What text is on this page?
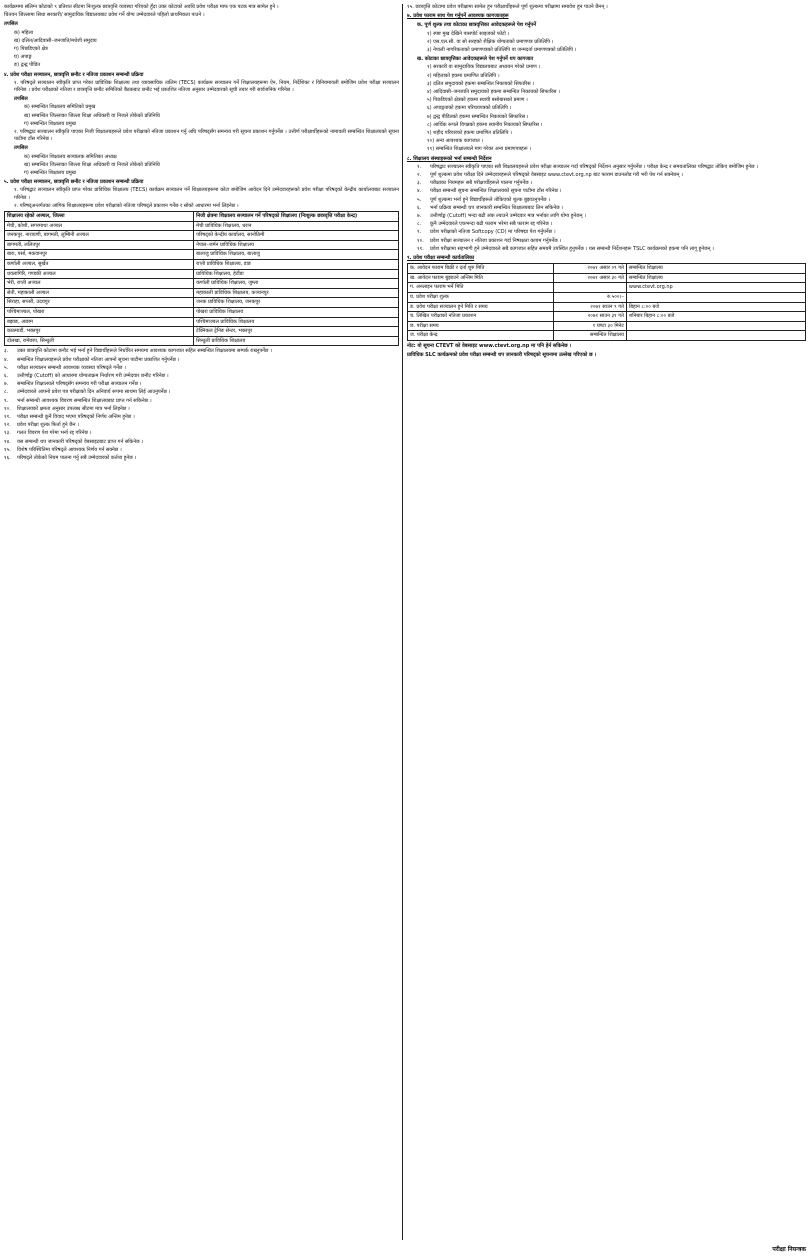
कार्यक्रममा संलिग्न कोटाको ९ प्रतिशत सीटमा निःशुल्क छात्रवृत्ति व्यवस्था गरिएको हुँदा उक्त कोटाको अवधि प्रवेश परीक्षा माफ एक पटक मात्र सामेल हुने ।

चितवन जिल्लामा सिधा सरकारी/ सामुदायिक विद्यालयबाट प्रवेश गर्ने योग्य उम्मेदवारले पहिलो प्राथमिकता पाउने ।

तपसिल

क) महिला

ख) दलित/आदिवासी–जनजाति/मधेशी समुदाय

ग) पिछडिएको क्षेत्र

घ) अपाङ्ग

ङ) द्वन्द्व पीडित

४. प्रवेश परीक्षा सञ्चालन, छात्रवृत्ति छनौट र नतिजा प्रकाशन सम्बन्धी प्रक्रिया

१. परिषद्ले सञ्चालन स्वीकृति प्राप्त गरेका प्राविधिक शिक्षालय तथा व्यावसायिक तालिम (TECS) कार्यक्रम सञ्चालन गर्ने शिक्षालयहरूमा ऐन, नियम, निर्देशिका र विनियमावली बमोजिम प्रवेश परीक्षा सञ्चालन गरिनेछ । प्रवेश परीक्षाको नतिजा र छात्रवृत्ति छनौट समितिको बैठकबाट छनौट भई प्रकाशित नतिजा अनुसार उम्मेदवारको सूची तयार गरी सार्वजनिक गरिनेछ ।

तपसिल

क) सम्बन्धित शिक्षालय समितिको प्रमुख

ख) सम्बन्धित जिल्लाका जिल्ला शिक्षा अधिकारी वा निजले तोकेको प्रतिनिधि

ग) सम्बन्धित शिक्षालय प्रमुख

२. परिषद्बाट सञ्चालन स्वीकृति पाएका निजी शिक्षालयहरूले प्रवेश परीक्षाको नतिजा प्रकाशन गर्नु अघि परिषद्सँग समन्वय गरी सूचना प्रकाशन गर्नुपर्नेछ । उत्तीर्ण परीक्षार्थीहरूको नामावली सम्बन्धित शिक्षालयको सूचना पाटीमा टाँस गरिनेछ ।

तपसिल

क) सम्बन्धित शिक्षालय सञ्चालक समितिका अध्यक्ष

ख) सम्बन्धित जिल्लाका जिल्ला शिक्षा अधिकारी वा निजले तोकेको प्रतिनिधि

ग) सम्बन्धित शिक्षालय प्रमुख

५. प्रवेश परीक्षा सञ्चालन, छात्रवृत्ति छनौट र नतिजा प्रकाशन सम्बन्धी प्रक्रिया

१. परिषद्बाट सञ्चालन स्वीकृति प्राप्त गरेका प्राविधिक शिक्षालय (TECS) कार्यक्रम सञ्चालन गर्ने शिक्षालयहरूमा कोटा बमोजिम आवेदन दिने उम्मेदवारहरूको प्रवेश परीक्षा परिषद्को केन्द्रीय कार्यालयबाट सञ्चालन गरिनेछ ।

२. परिषद्अन्तर्गतका आंगिक शिक्षालयहरूमा प्रवेश परीक्षाको नतिजा परिषद्ले प्रकाशन गर्नेछ र सोको आधारमा भर्ना लिइनेछ ।

शिक्षालय रहेको अञ्चल, जिल्ला	निजी क्षेत्रमा शिक्षालय सञ्चालन गर्ने परिषद्को शिक्षालय (निःशुल्क छात्रवृत्ति परीक्षा केन्द्र)
मेची, कोशी, सगरमाथा अञ्चल	मेची प्राविधिक शिक्षालय, धरान
जनकपुर, नारायणी, बागमती, लुम्बिनी अञ्चल	परिषद्को केन्द्रीय कार्यालय, सानोठिमी
बागमती, ललितपुर	नेपाल–जर्मन प्राविधिक शिक्षालय
बारा, पर्सा, मकवानपुर	बालाजु प्राविधिक शिक्षालय, बालाजु
कर्णाली अञ्चल, सुर्खेत	राप्ती प्राविधिक शिक्षालय, डाङ
धवलागिरि, गण्डकी अञ्चल	प्राविधिक शिक्षालय, हेटौंडा
भेरी, राप्ती अञ्चल	कर्णाली प्राविधिक शिक्षालय, जुम्ला
सेती, महाकाली अञ्चल	महाकाली प्राविधिक शिक्षालय, कञ्चनपुर
सिराहा, सप्तरी, उदयपुर	जनक प्राविधिक शिक्षालय, जनकपुर
पश्चिमाञ्चल, पोखरा	पोखरा प्राविधिक शिक्षालय
बझाङ, अछाम	पश्चिमाञ्चल प्राविधिक शिक्षालय
काठमाडौं, भक्तपुर	टेक्निकल ट्रेनिङ सेन्टर, भक्तपुर
दोलखा, रामेछाप, सिन्धुली	सिन्धुली प्राविधिक शिक्षालय
३.	उक्त छात्रवृत्ति कोटामा छनौट भई भर्ना हुने विद्यार्थीहरूले निर्धारित समयमा आवश्यक कागजात सहित सम्बन्धित शिक्षालयमा सम्पर्क राख्नुपर्नेछ ।
४.	सम्बन्धित शिक्षालयहरूले प्रवेश परीक्षाको नतिजा आफ्नो सूचना पाटीमा प्रकाशित गर्नुपर्नेछ ।
५.	परीक्षा सञ्चालन सम्बन्धी आवश्यक व्यवस्था परिषद्ले गर्नेछ ।
६.	उत्तीर्णाङ्क (Cutoff) को आधारमा योग्यताक्रम निर्धारण गरी उम्मेदवार छनौट गरिनेछ ।
७.	सम्बन्धित शिक्षालयले परिषद्सँग समन्वय गरी परीक्षा सञ्चालन गर्नेछ ।
८.	उम्मेदवारले आफ्नो प्रवेश पत्र परीक्षाको दिन अनिवार्य रूपमा साथमा लिई आउनुपर्नेछ ।
९.	भर्ना सम्बन्धी आवश्यक विवरण सम्बन्धित शिक्षालयबाट प्राप्त गर्न सकिनेछ ।
१०.	शिक्षालयको क्षमता अनुसार उपलब्ध सीटमा मात्र भर्ना लिइनेछ ।
११.	परीक्षा सम्बन्धी कुनै विवाद भएमा परिषद्को निर्णय अन्तिम हुनेछ ।
१२.	प्रवेश परीक्षा शुल्क फिर्ता हुने छैन ।
१३.	गलत विवरण पेश गरेमा भर्ना रद्द गरिनेछ ।
१४.	यस सम्बन्धी थप जानकारी परिषद्को वेबसाइटबाट प्राप्त गर्न सकिनेछ ।
१५.	विशेष परिस्थितिमा परिषद्ले आवश्यक निर्णय गर्न सक्नेछ ।
१६.	परिषद्ले तोकेको नियम पालना गर्नु सबै उम्मेदवारको कर्तव्य हुनेछ ।

१५. छात्रवृत्ति कोटामा प्रवेश परीक्षामा सामेल हुन परीक्षार्थीहरूले पूर्ण शुल्कमा परीक्षामा समावेश हुन पाउने छैनन् ।

७. प्रवेश फाराम साथ पेश गर्नुपर्ने आवश्यक कागजातहरू

क. पूर्ण शुल्क तथा कोटाका छात्रवृत्तिका आवेदकहरूले पेश गर्नुपर्ने

१) स्पष्ट मुख देखिने पासपोर्ट साइजको फोटो ।

२) एस.एल.सी. वा सो सरहको शैक्षिक योग्यताको प्रमाणपत्र प्रतिलिपि ।

३) नेपाली नागरिकताको प्रमाणपत्रको प्रतिलिपि वा जन्मदर्ता प्रमाणपत्रको प्रतिलिपि ।

ख. कोटाका छात्रवृत्तिका आवेदकहरूले पेश गर्नुपर्ने थप कागजात

१) सरकारी वा सामुदायिक विद्यालयबाट अध्ययन गरेको प्रमाण ।

२) महिलाको हकमा प्रमाणित प्रतिलिपि ।

३) दलित समुदायको हकमा सम्बन्धित निकायको सिफारिस ।

४) आदिवासी–जनजाति समुदायको हकमा सम्बन्धित निकायको सिफारिस ।

५) पिछडिएको क्षेत्रको हकमा स्थायी बसोबासको प्रमाण ।

६) अपाङ्गताको हकमा परिचयपत्रको प्रतिलिपि ।

७) द्वन्द्व पीडितको हकमा सम्बन्धित निकायको सिफारिस ।

८) आर्थिक रूपले विपन्नको हकमा स्थानीय निकायको सिफारिस ।

९) शहीद परिवारको हकमा प्रमाणित प्रतिलिपि ।

१०) अन्य आवश्यक कागजात ।

११) सम्बन्धित शिक्षालयले माग गरेका अन्य प्रमाणपत्रहरू ।

८. शिक्षालय संस्थाहरूको भर्ना सम्बन्धी निर्देशन

१.	परिषद्बाट सञ्चालन स्वीकृति पाएका सबै शिक्षालयहरूले प्रवेश परीक्षा सञ्चालन गर्दा परिषद्को निर्देशन अनुसार गर्नुपर्नेछ । परीक्षा केन्द्र र समयतालिका परिषद्बाट तोकिए बमोजिम हुनेछ ।
२.	पूर्ण शुल्कमा प्रवेश परीक्षा दिने उम्मेदवारहरूले परिषद्को वेबसाइट www.ctevt.org.np बाट फाराम डाउनलोड गरी भरी पेश गर्न सक्नेछन् ।
३.	परीक्षाका नियमहरू सबै परीक्षार्थीहरूले पालना गर्नुपर्नेछ ।
४.	परीक्षा सम्बन्धी सूचना सम्बन्धित शिक्षालयको सूचना पाटीमा टाँस गरिनेछ ।
५.	पूर्ण शुल्कमा भर्ना हुने विद्यार्थीहरूले तोकिएको शुल्क बुझाउनुपर्नेछ ।
६.	भर्ना प्रक्रिया सम्बन्धी थप जानकारी सम्बन्धित शिक्षालयबाट लिन सकिनेछ ।
७.	उत्तीर्णाङ्क (Cutoff) भन्दा बढी अंक ल्याउने उम्मेदवार मात्र भर्नाका लागि योग्य हुनेछन् ।
८.	कुनै उम्मेदवारले एकभन्दा बढी फाराम भरेमा सबै फाराम रद्द गरिनेछ ।
९.	प्रवेश परीक्षाको नतिजा Softcopy (CD) मा परिषद्मा पेश गर्नुपर्नेछ ।
१०.	प्रवेश परीक्षा सञ्चालन र नतिजा प्रकाशन गर्दा निष्पक्षता कायम गर्नुपर्नेछ ।
११.	प्रवेश परीक्षामा सहभागी हुने उम्मेदवारले सबै कागजात सहित समयमै उपस्थित हुनुपर्नेछ । यस सम्बन्धी निर्देशनहरू TSLC कार्यक्रमको हकमा पनि लागू हुनेछन् ।

९. प्रवेश परीक्षा सम्बन्धी कार्यतालिका

क. आवेदन फाराम बिक्री र दर्ता शुरु मिति	२०७१ असार ०९ गते	सम्बन्धित शिक्षालय
ख. आवेदन फाराम बुझाउने अन्तिम मिति	२०७१ असार ३० गते	सम्बन्धित शिक्षालय
ग. अनलाइन फाराम भर्ने मिति		www.ctevt.org.np
घ. प्रवेश परीक्षा शुल्क	रु.५००।–	
ङ. प्रवेश परीक्षा सञ्चालन हुने मिति र समय	२०७१ साउन ९ गते	बिहान ८:०० बजे
च. लिखित परीक्षाको नतिजा प्रकाशन	२०७१ साउन ३१ गते	शनिबार बिहान ८:०० बजे
छ. परीक्षा समय	१ घण्टा ३० मिनेट	
ज. परीक्षा केन्द्र	सम्बन्धित शिक्षालय	

नोट: यो सूचना CTEVT को वेबसाइट www.ctevt.org.np मा पनि हेर्न सकिनेछ ।

प्राविधिक SLC कार्यक्रमको प्रवेश परीक्षा सम्बन्धी थप जानकारी परिषद्को सूचनामा उल्लेख गरिएको छ ।

परीक्षा नियन्त्रक
